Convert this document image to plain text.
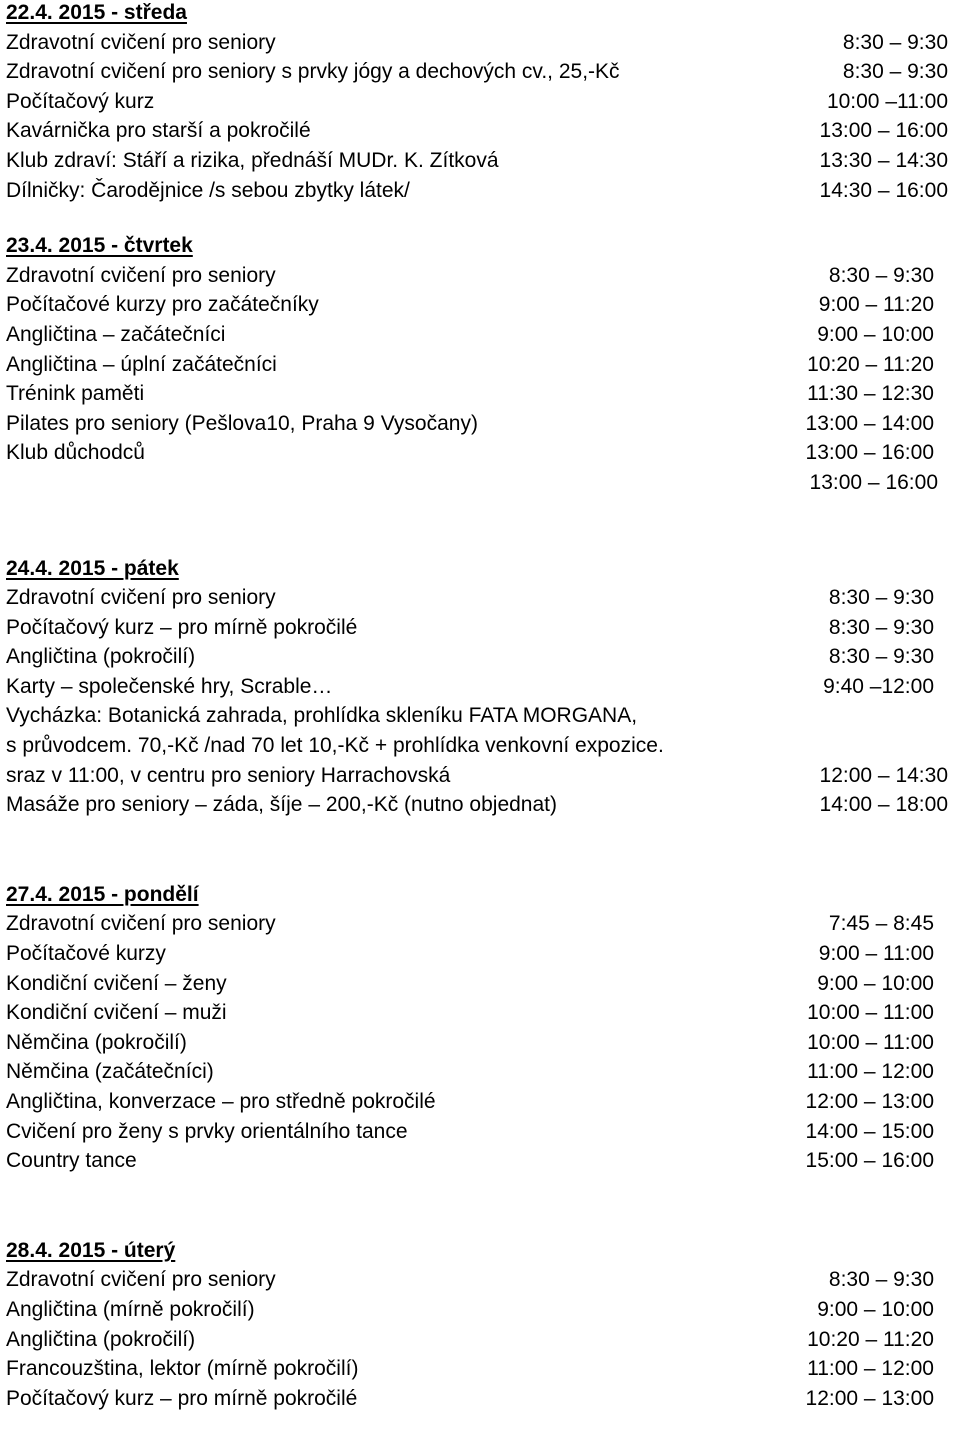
22.4. 2015 - středa
Zdravotní cvičení pro seniory	8:30 – 9:30
Zdravotní cvičení pro seniory s prvky jógy a dechových cv., 25,-Kč	8:30 – 9:30
Počítačový kurz	10:00 –11:00
Kavárnička pro starší a pokročilé	13:00 – 16:00
Klub zdraví: Stáří a rizika, přednáší MUDr. K. Zítková	13:30 – 14:30
Dílničky: Čarodějnice /s sebou zbytky látek/	14:30 – 16:00
23.4. 2015 - čtvrtek
Zdravotní cvičení pro seniory	8:30 – 9:30
Počítačové kurzy pro začátečníky	9:00 – 11:20
Angličtina – začátečníci	9:00 – 10:00
Angličtina – úplní začátečníci	10:20 – 11:20
Trénink paměti	11:30 – 12:30
Pilates pro seniory (Pešlova10, Praha 9 Vysočany)	13:00 – 14:00
Klub důchodců	13:00 – 16:00
13:00 – 16:00
24.4. 2015 - pátek
Zdravotní cvičení pro seniory	8:30 – 9:30
Počítačový kurz – pro mírně pokročilé	8:30 – 9:30
Angličtina (pokročilí)	8:30 – 9:30
Karty – společenské hry, Scrable…	9:40 –12:00
Vycházka: Botanická zahrada, prohlídka skleníku FATA MORGANA,
s průvodcem. 70,-Kč /nad 70 let 10,-Kč + prohlídka venkovní expozice.
sraz v 11:00, v centru pro seniory Harrachovská	12:00 – 14:30
Masáže pro seniory – záda, šíje – 200,-Kč (nutno objednat)	14:00 – 18:00
27.4. 2015 - pondělí
Zdravotní cvičení pro seniory	7:45 – 8:45
Počítačové kurzy	9:00 – 11:00
Kondiční cvičení – ženy	9:00 – 10:00
Kondiční cvičení – muži	10:00 – 11:00
Němčina (pokročilí)	10:00 – 11:00
Němčina (začátečníci)	11:00 – 12:00
Angličtina, konverzace – pro středně pokročilé	12:00 – 13:00
Cvičení pro ženy s prvky orientálního tance	14:00 – 15:00
Country tance	15:00 – 16:00
28.4. 2015 - úterý
Zdravotní cvičení pro seniory	8:30 – 9:30
Angličtina (mírně pokročilí)	9:00 – 10:00
Angličtina (pokročilí)	10:20 – 11:20
Francouzština, lektor (mírně pokročilí)	11:00 – 12:00
Počítačový kurz – pro mírně pokročilé	12:00 – 13:00
